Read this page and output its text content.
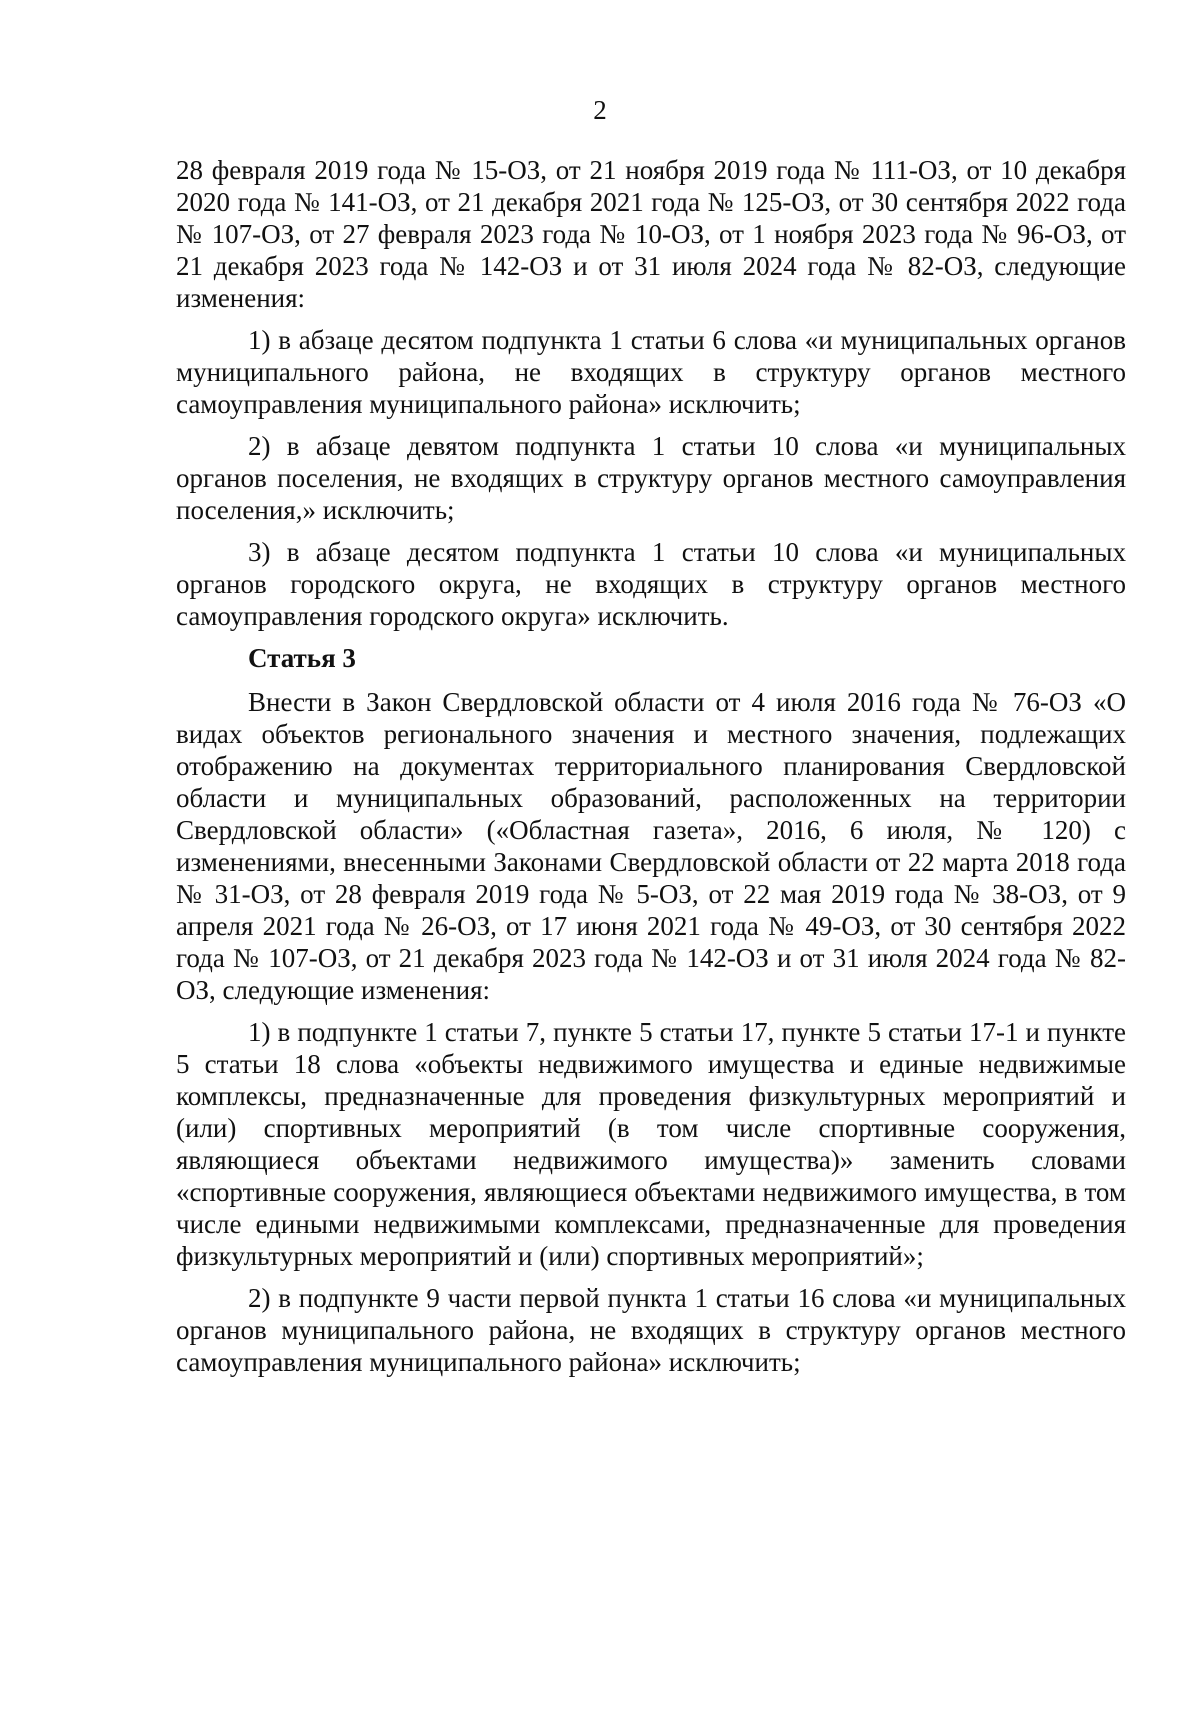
2

28 февраля 2019 года № 15-ОЗ, от 21 ноября 2019 года № 111-ОЗ, от 10 декабря 2020 года № 141-ОЗ, от 21 декабря 2021 года № 125-ОЗ, от 30 сентября 2022 года № 107-ОЗ, от 27 февраля 2023 года № 10-ОЗ, от 1 ноября 2023 года № 96-ОЗ, от 21 декабря 2023 года № 142-ОЗ и от 31 июля 2024 года № 82-ОЗ, следующие изменения:

1) в абзаце десятом подпункта 1 статьи 6 слова «и муниципальных органов муниципального района, не входящих в структуру органов местного самоуправления муниципального района» исключить;

2) в абзаце девятом подпункта 1 статьи 10 слова «и муниципальных органов поселения, не входящих в структуру органов местного самоуправления поселения,» исключить;

3) в абзаце десятом подпункта 1 статьи 10 слова «и муниципальных органов городского округа, не входящих в структуру органов местного самоуправления городского округа» исключить.

Статья 3

Внести в Закон Свердловской области от 4 июля 2016 года № 76-ОЗ «О видах объектов регионального значения и местного значения, подлежащих отображению на документах территориального планирования Свердловской области и муниципальных образований, расположенных на территории Свердловской области» («Областная газета», 2016, 6 июля, № 120) с изменениями, внесенными Законами Свердловской области от 22 марта 2018 года № 31-ОЗ, от 28 февраля 2019 года № 5-ОЗ, от 22 мая 2019 года № 38-ОЗ, от 9 апреля 2021 года № 26-ОЗ, от 17 июня 2021 года № 49-ОЗ, от 30 сентября 2022 года № 107-ОЗ, от 21 декабря 2023 года № 142-ОЗ и от 31 июля 2024 года № 82-ОЗ, следующие изменения:

1) в подпункте 1 статьи 7, пункте 5 статьи 17, пункте 5 статьи 17-1 и пункте 5 статьи 18 слова «объекты недвижимого имущества и единые недвижимые комплексы, предназначенные для проведения физкультурных мероприятий и (или) спортивных мероприятий (в том числе спортивные сооружения, являющиеся объектами недвижимого имущества)» заменить словами «спортивные сооружения, являющиеся объектами недвижимого имущества, в том числе едиными недвижимыми комплексами, предназначенные для проведения физкультурных мероприятий и (или) спортивных мероприятий»;

2) в подпункте 9 части первой пункта 1 статьи 16 слова «и муниципальных органов муниципального района, не входящих в структуру органов местного самоуправления муниципального района» исключить;
